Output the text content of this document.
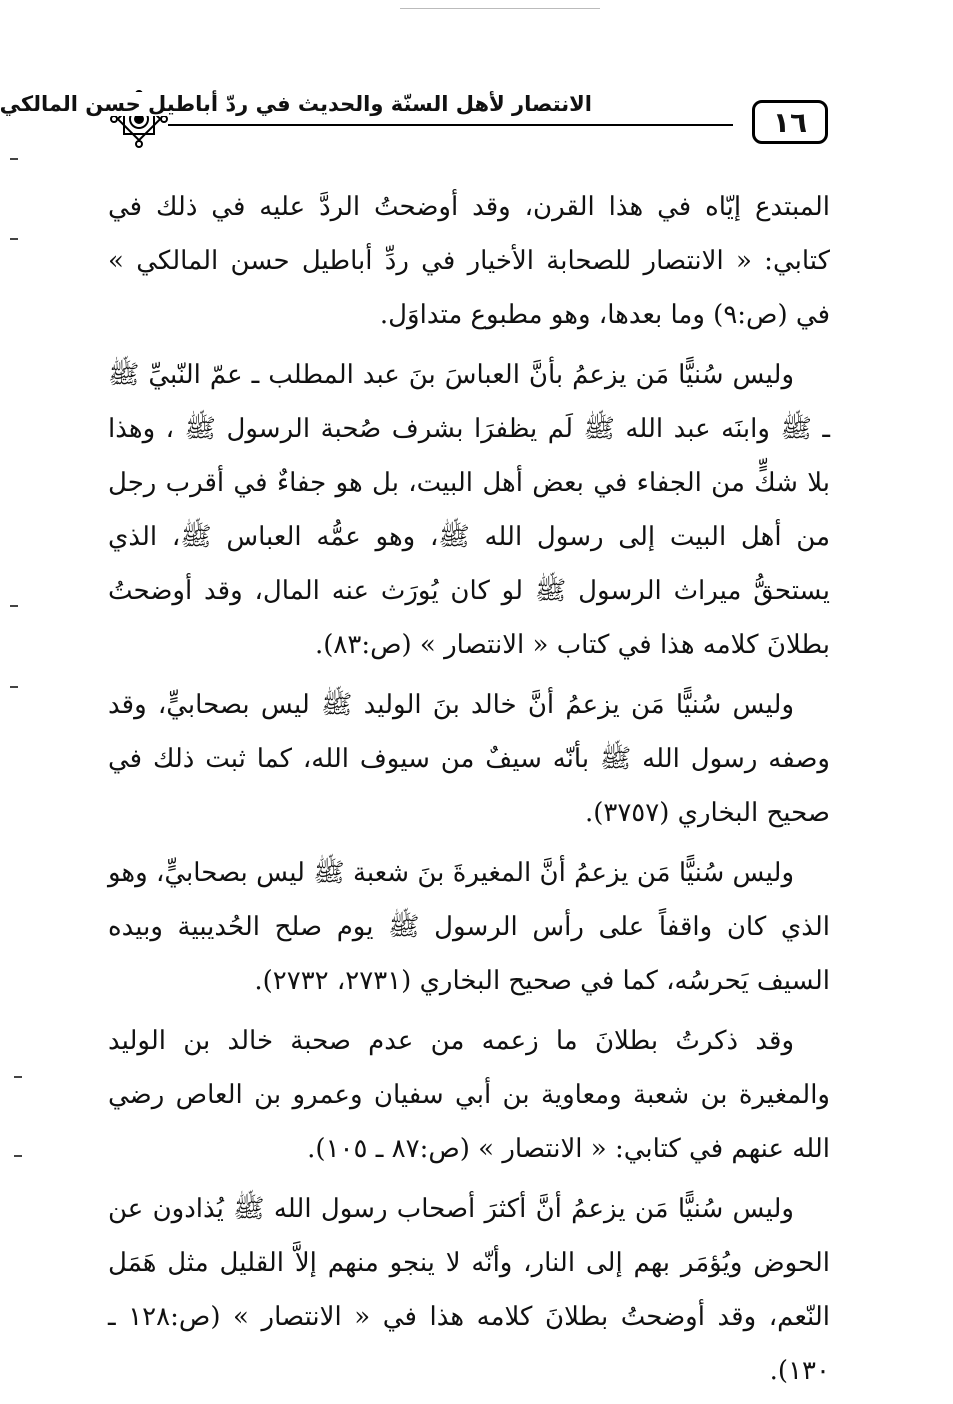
الانتصار لأهل السنّة والحديث في ردّ أباطيل حسن المالكي
١٦

المبتدع إيّاه في هذا القرن، وقد أوضحتُ الردَّ عليه في ذلك في كتابي: « الانتصار للصحابة الأخيار في ردِّ أباطيل حسن المالكي » في (ص:٩) وما بعدها، وهو مطبوع متداوَل.

وليس سُنيًّا مَن يزعمُ بأنَّ العباسَ بنَ عبد المطلب ـ عمّ النّبيِّ ﷺ ـ ﷺ وابنَه عبد الله ﷺ لَم يظفرَا بشرف صُحبة الرسول ﷺ ، وهذا بلا شكٍّ من الجفاء في بعض أهل البيت، بل هو جفاءٌ في أقرب رجل من أهل البيت إلى رسول الله ﷺ، وهو عمُّه العباس ﷺ، الذي يستحقُّ ميراث الرسول ﷺ لو كان يُورَث عنه المال، وقد أوضحتُ بطلانَ كلامه هذا في كتاب « الانتصار » (ص:٨٣).

وليس سُنيًّا مَن يزعمُ أنَّ خالد بنَ الوليد ﷺ ليس بصحابيٍّ، وقد وصفه رسول الله ﷺ بأنّه سيفٌ من سيوف الله، كما ثبت ذلك في صحيح البخاري (٣٧٥٧).

وليس سُنيًّا مَن يزعمُ أنَّ المغيرةَ بنَ شعبة ﷺ ليس بصحابيٍّ، وهو الذي كان واقفاً على رأس الرسول ﷺ يوم صلح الحُديبية وبيده السيف يَحرسُه، كما في صحيح البخاري (٢٧٣١، ٢٧٣٢).

وقد ذكرتُ بطلانَ ما زعمه من عدم صحبة خالد بن الوليد والمغيرة بن شعبة ومعاوية بن أبي سفيان وعمرو بن العاص رضي الله عنهم في كتابي: « الانتصار » (ص:٨٧ ـ ١٠٥).

وليس سُنيًّا مَن يزعمُ أنَّ أكثرَ أصحاب رسول الله ﷺ يُذادون عن الحوض ويُؤمَر بهم إلى النار، وأنّه لا ينجو منهم إلاَّ القليل مثل هَمَل النّعم، وقد أوضحتُ بطلانَ كلامه هذا في « الانتصار » (ص:١٢٨ ـ ١٣٠).
